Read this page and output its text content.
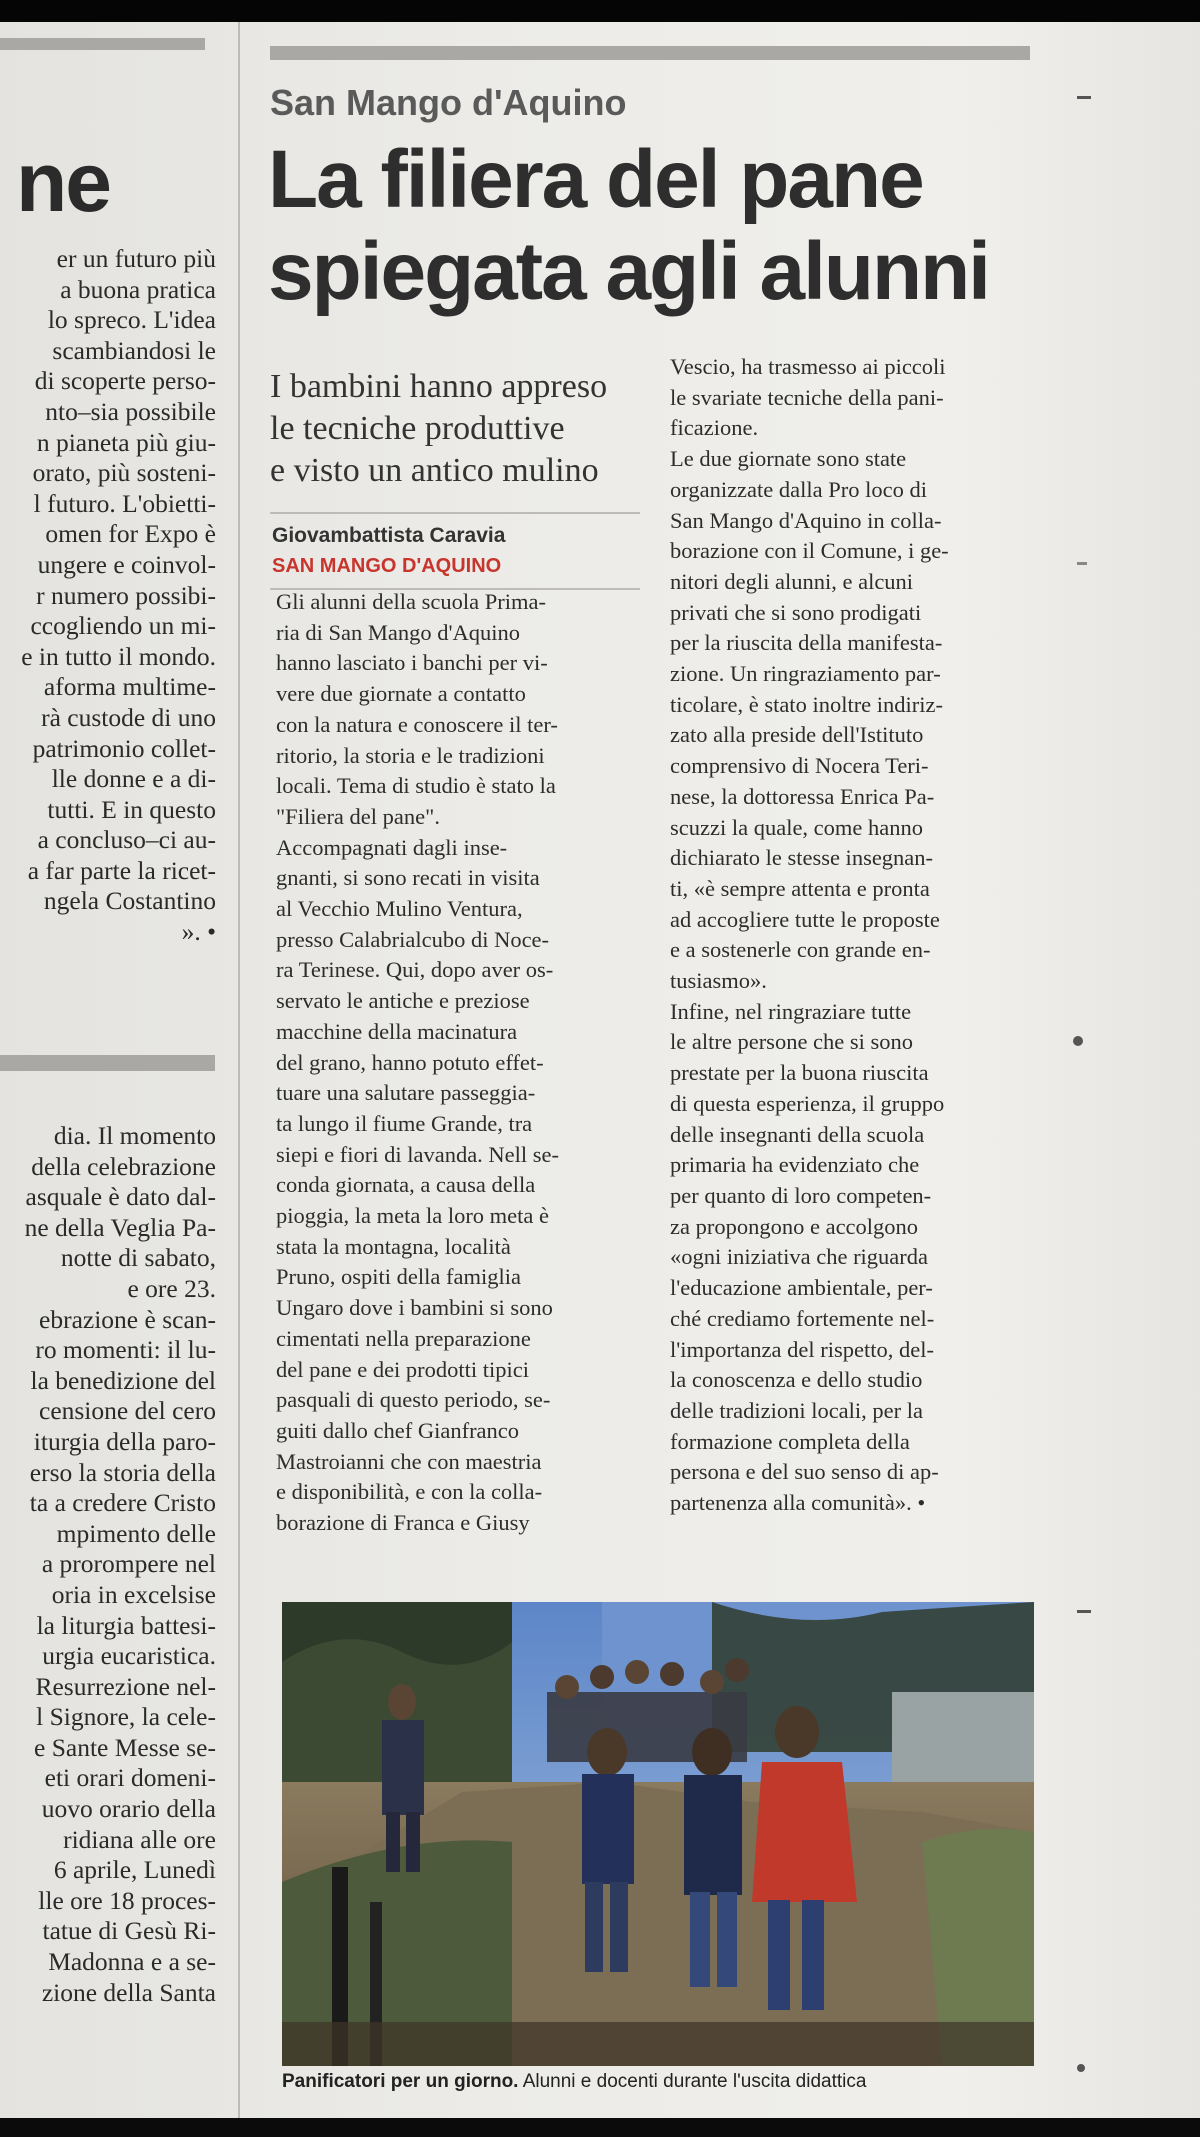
ne
er un futuro più
a buona pratica
lo spreco. L'idea
scambiandosi le
di scoperte perso-
nto–sia possibile
n pianeta più giu-
orato, più sosteni-
l futuro. L'obietti-
omen for Expo è
ungere e coinvol-
r numero possibi-
ccogliendo un mi-
e in tutto il mondo.
aforma multime-
rà custode di uno
patrimonio collet-
lle donne e a di-
tutti. E in questo
a concluso–ci au-
a far parte la ricet-
ngela Costantino
». •
dia. Il momento
della celebrazione
asquale è dato dal-
ne della Veglia Pa-
notte di sabato,
e ore 23.
ebrazione è scan-
ro momenti: il lu-
la benedizione del
censione del cero
iturgia della paro-
erso la storia della
ta a credere Cristo
mpimento delle
a prorompere nel
oria in excelsise
la liturgia battesi-
urgia eucaristica.
Resurrezione nel-
l Signore, la cele-
e Sante Messe se-
eti orari domeni-
uovo orario della
ridiana alle ore
6 aprile, Lunedì
lle ore 18 proces-
tatue di Gesù Ri-
Madonna e a se-
zione della Santa
San Mango d'Aquino
La filiera del pane
spiegata agli alunni
I bambini hanno appreso
le tecniche produttive
e visto un antico mulino
Giovambattista Caravia
SAN MANGO D'AQUINO
Gli alunni della scuola Prima-
ria di San Mango d'Aquino
hanno lasciato i banchi per vi-
vere due giornate a contatto
con la natura e conoscere il ter-
ritorio, la storia e le tradizioni
locali. Tema di studio è stato la
"Filiera del pane".
Accompagnati dagli inse-
gnanti, si sono recati in visita
al Vecchio Mulino Ventura,
presso Calabrialcubo di Noce-
ra Terinese. Qui, dopo aver os-
servato le antiche e preziose
macchine della macinatura
del grano, hanno potuto effet-
tuare una salutare passeggia-
ta lungo il fiume Grande, tra
siepi e fiori di lavanda. Nell se-
conda giornata, a causa della
pioggia, la meta la loro meta è
stata la montagna, località
Pruno, ospiti della famiglia
Ungaro dove i bambini si sono
cimentati nella preparazione
del pane e dei prodotti tipici
pasquali di questo periodo, se-
guiti dallo chef Gianfranco
Mastroianni che con maestria
e disponibilità, e con la colla-
borazione di Franca e Giusy
Vescio, ha trasmesso ai piccoli
le svariate tecniche della pani-
ficazione.
Le due giornate sono state
organizzate dalla Pro loco di
San Mango d'Aquino in colla-
borazione con il Comune, i ge-
nitori degli alunni, e alcuni
privati che si sono prodigati
per la riuscita della manifesta-
zione. Un ringraziamento par-
ticolare, è stato inoltre indiriz-
zato alla preside dell'Istituto
comprensivo di Nocera Teri-
nese, la dottoressa Enrica Pa-
scuzzi la quale, come hanno
dichiarato le stesse insegnan-
ti, «è sempre attenta e pronta
ad accogliere tutte le proposte
e a sostenerle con grande en-
tusiasmo».
Infine, nel ringraziare tutte
le altre persone che si sono
prestate per la buona riuscita
di questa esperienza, il gruppo
delle insegnanti della scuola
primaria ha evidenziato che
per quanto di loro competen-
za propongono e accolgono
«ogni iniziativa che riguarda
l'educazione ambientale, per-
ché crediamo fortemente nel-
l'importanza del rispetto, del-
la conoscenza e dello studio
delle tradizioni locali, per la
formazione completa della
persona e del suo senso di ap-
partenenza alla comunità». •
Panificatori per un giorno. Alunni e docenti durante l'uscita didattica
